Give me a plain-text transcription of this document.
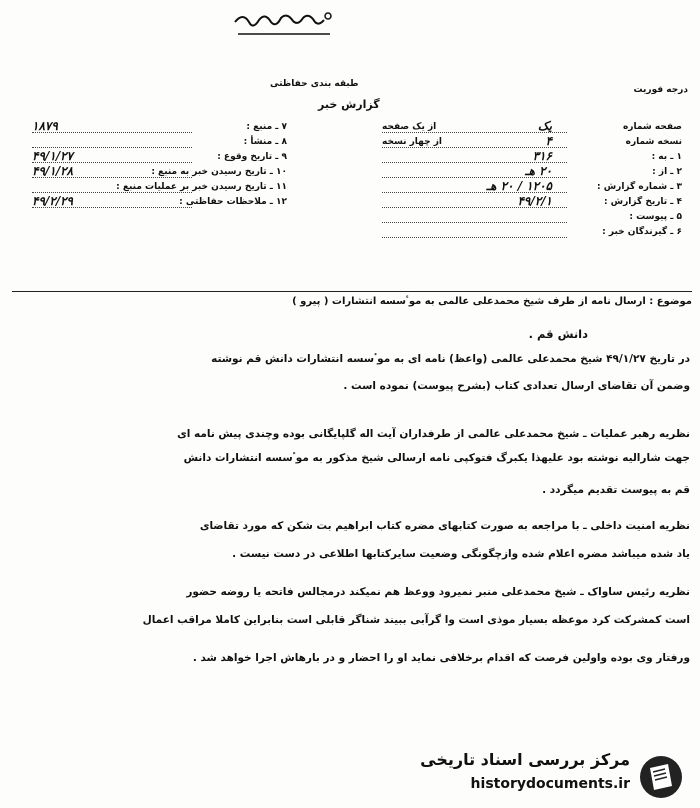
درجه فوریت
طبقه بندی حفاظتی
گزارش خبر
۷ ـ منبع :
۱۸۷۹
۸ ـ منشأ :
۹ ـ تاریخ وقوع :
۴۹/۱/۲۷
۱۰ ـ تاریخ رسیدن خبر به منبع :
۴۹/۱/۲۸
۱۱ ـ تاریخ رسیدن خبر بر عملیات منبع :
۱۲ ـ ملاحظات حفاظتی :
۴۹/۲/۲۹
صفحه شماره
یک
از یک صفحه
نسخه شماره
۴
از چهار نسخه
۱ ـ به :
۳۱۶
۲ ـ از :
۲۰ هـ
۳ ـ شماره گزارش :
۱۲۰۵ / ۲۰ هـ
۴ ـ تاریخ گزارش :
۴۹/۲/۱
۵ ـ پیوست :
۶ ـ گیرندگان خبر :
موضوع : ارسال نامه از طرف شیخ محمدعلی عالمی به موٴسسه انتشارات ( پیرو )
دانش قم .
در تاریخ ۴۹/۱/۲۷ شیخ محمدعلی عالمی (واعظ) نامه ای به موٴسسه انتشارات دانش قم نوشته
وضمن آن تقاضای ارسال تعدادی کتاب (بشرح پیوست) نموده است .
نظریه رهبر عملیات ـ شیخ محمدعلی عالمی از طرفداران آیت اله گلپایگانی بوده وچندی پیش نامه ای
جهت شاراليه نوشته بود علیهذا یکبرگ فتوکپی نامه ارسالی شیخ مذکور به موٴسسه انتشارات دانش
قم به پیوست تقدیم میگردد .
نظریه امنیت داخلی ـ با مراجعه به صورت کتابهای مضره کتاب ابراهیم بت شکن که مورد تقاضای
یاد شده میباشد مضره اعلام شده وازچگونگی وضعیت سایرکتابها اطلاعی در دست نیست .
نظریه رئیس ساواک ـ شیخ محمدعلی منبر نمیرود ووعظ هم نمیکند درمجالس فاتحه یا روضه حضور
است کمشرکت کرد موعظه بسیار موذی است وا گرآبی ببیند شناگر قابلی است بنابراین کاملا مراقب اعمال
ورفتار وی بوده واولین فرصت که اقدام برخلافی نماید او را احضار و در بارهاش اجرا خواهد شد .
مرکز بررسی اسناد تاریخی
historydocuments.ir
